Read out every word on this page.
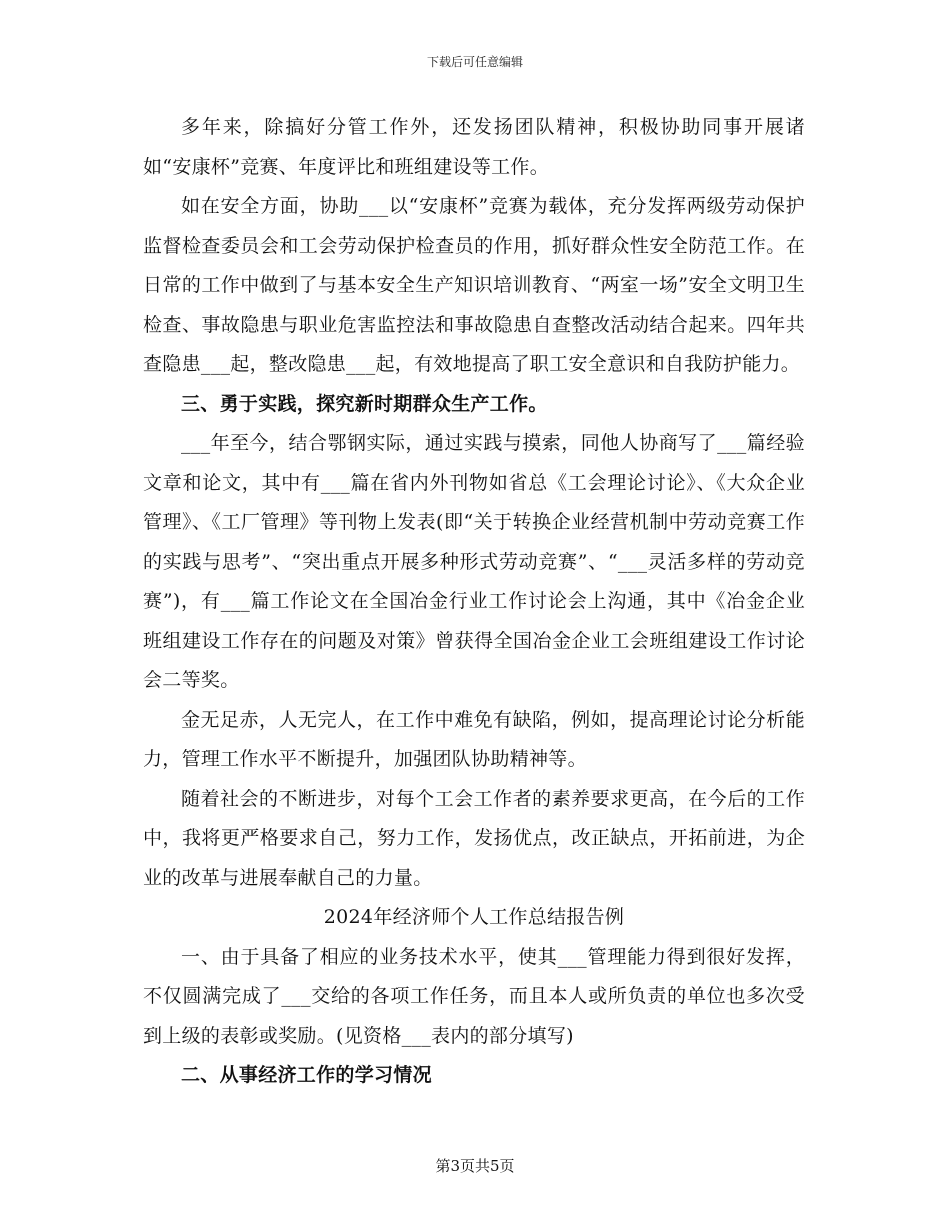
下载后可任意编辑

多年来，除搞好分管工作外，还发扬团队精神，积极协助同事开展诸如“安康杯”竞赛、年度评比和班组建设等工作。

如在安全方面，协助___以“安康杯”竞赛为载体，充分发挥两级劳动保护监督检查委员会和工会劳动保护检查员的作用，抓好群众性安全防范工作。在日常的工作中做到了与基本安全生产知识培训教育、“两室一场”安全文明卫生检查、事故隐患与职业危害监控法和事故隐患自查整改活动结合起来。四年共查隐患___起，整改隐患___起，有效地提高了职工安全意识和自我防护能力。

三、勇于实践，探究新时期群众生产工作。

___年至今，结合鄂钢实际，通过实践与摸索，同他人协商写了___篇经验文章和论文，其中有___篇在省内外刊物如省总《工会理论讨论》、《大众企业管理》、《工厂管理》等刊物上发表(即“关于转换企业经营机制中劳动竞赛工作的实践与思考”、“突出重点开展多种形式劳动竞赛”、“___灵活多样的劳动竞赛”)，有___篇工作论文在全国冶金行业工作讨论会上沟通，其中《冶金企业班组建设工作存在的问题及对策》曾获得全国冶金企业工会班组建设工作讨论会二等奖。

金无足赤，人无完人，在工作中难免有缺陷，例如，提高理论讨论分析能力，管理工作水平不断提升，加强团队协助精神等。

随着社会的不断进步，对每个工会工作者的素养要求更高，在今后的工作中，我将更严格要求自己，努力工作，发扬优点，改正缺点，开拓前进，为企业的改革与进展奉献自己的力量。

2024年经济师个人工作总结报告例

一、由于具备了相应的业务技术水平，使其___管理能力得到很好发挥，不仅圆满完成了___交给的各项工作任务，而且本人或所负责的单位也多次受到上级的表彰或奖励。(见资格___表内的部分填写)

二、从事经济工作的学习情况

第3页共5页
